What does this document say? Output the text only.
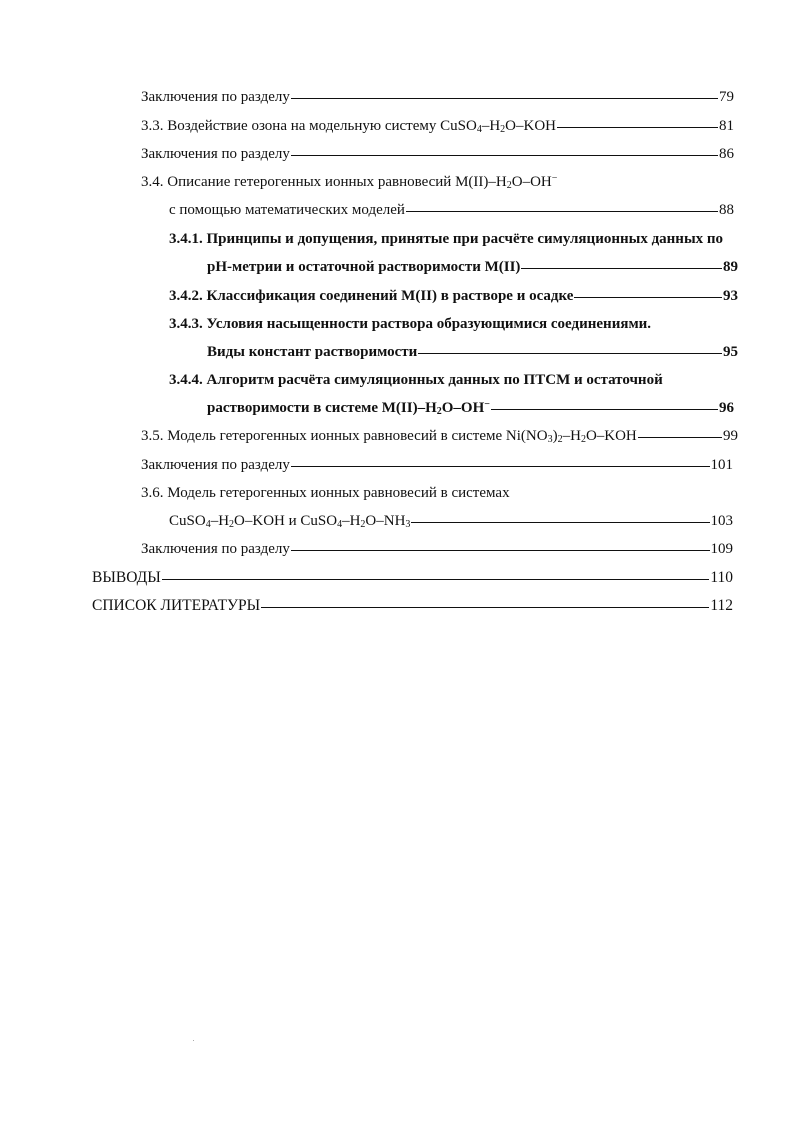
Заключения по разделу	79
3.3. Воздействие озона на модельную систему $CuSO_4-H_2O$–KOH	81
Заключения по разделу	86
3.4. Описание гетерогенных ионных равновесий $M(II)-H_2O-OH^-$
с помощью математических моделей	88
3.4.1. Принципы и допущения, принятые при расчёте симуляционных данных по
pH-метрии и остаточной растворимости M(II)	89
3.4.2. Классификация соединений M(II) в растворе и осадке	93
3.4.3. Условия насыщенности раствора образующимися соединениями.
Виды констант растворимости	95
3.4.4. Алгоритм расчёта симуляционных данных по ПТСМ и остаточной
растворимости в системе $M(II)-H_2O-OH^-$	96
3.5. Модель гетерогенных ионных равновесий в системе $Ni(NO_3)_2-H_2O$–KOH	99
Заключения по разделу	101
3.6. Модель гетерогенных ионных равновесий в системах
$CuSO_4-H_2O$–KOH и $CuSO_4-H_2O-NH_3$	103
Заключения по разделу	109
ВЫВОДЫ	110
СПИСОК ЛИТЕРАТУРЫ	112
